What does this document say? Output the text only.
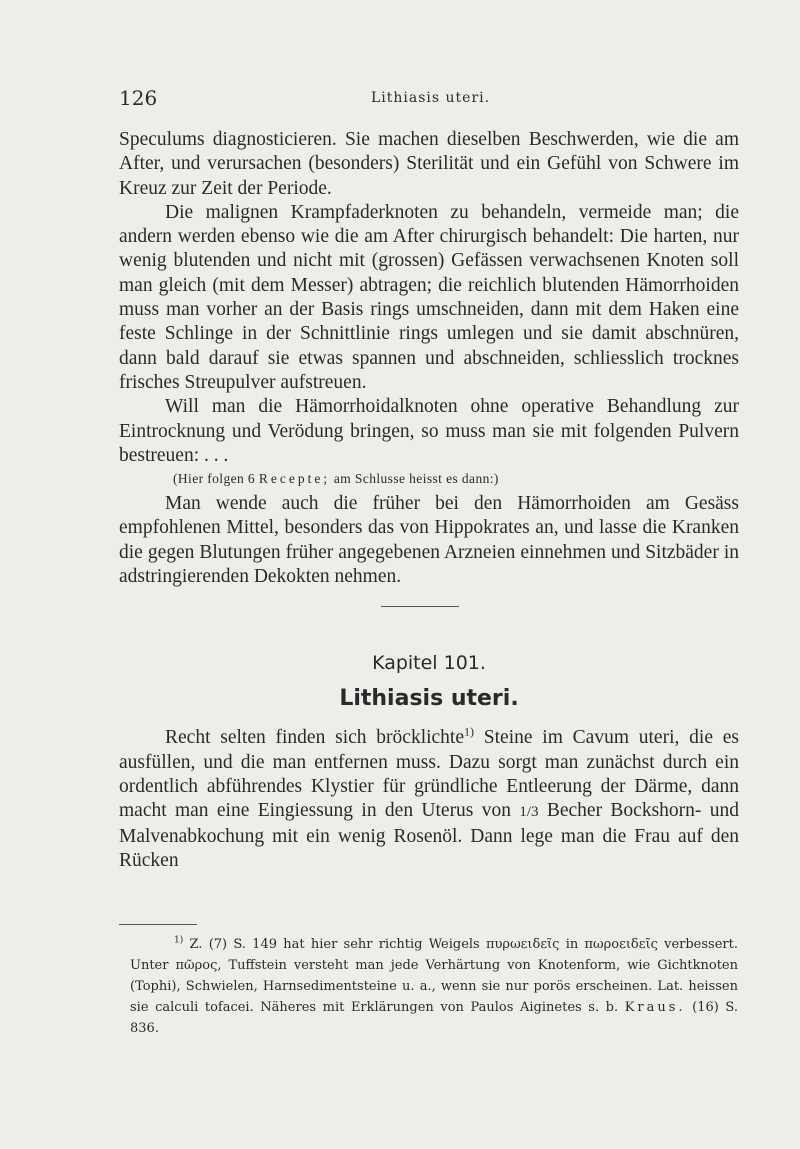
126	Lithiasis uteri.

Speculums diagnosticieren. Sie machen dieselben Beschwerden, wie die am After, und verursachen (besonders) Sterilität und ein Gefühl von Schwere im Kreuz zur Zeit der Periode.

Die malignen Krampfaderknoten zu behandeln, vermeide man; die andern werden ebenso wie die am After chirurgisch behandelt: Die harten, nur wenig blutenden und nicht mit (grossen) Gefässen verwachsenen Knoten soll man gleich (mit dem Messer) abtragen; die reichlich blutenden Hämorrhoiden muss man vorher an der Basis rings umschneiden, dann mit dem Haken eine feste Schlinge in der Schnittlinie rings umlegen und sie damit abschnüren, dann bald darauf sie etwas spannen und abschneiden, schliesslich trocknes frisches Streupulver aufstreuen.

Will man die Hämorrhoidalknoten ohne operative Behandlung zur Eintrocknung und Verödung bringen, so muss man sie mit folgenden Pulvern bestreuen: . . .

(Hier folgen 6 Recepte; am Schlusse heisst es dann:)

Man wende auch die früher bei den Hämorrhoiden am Gesäss empfohlenen Mittel, besonders das von Hippokrates an, und lasse die Kranken die gegen Blutungen früher angegebenen Arzneien einnehmen und Sitzbäder in adstringierenden Dekokten nehmen.

Kapitel 101.
Lithiasis uteri.

Recht selten finden sich bröcklichte$^{1)}$ Steine im Cavum uteri, die es ausfüllen, und die man entfernen muss. Dazu sorgt man zunächst durch ein ordentlich abführendes Klystier für gründliche Entleerung der Därme, dann macht man eine Eingiessung in den Uterus von 1/3 Becher Bockshorn- und Malvenabkochung mit ein wenig Rosenöl. Dann lege man die Frau auf den Rücken

$^{1)}$ Z. (7) S. 149 hat hier sehr richtig Weigels πυρωειδεῖς in πωροειδεῖς verbessert. Unter πῶρος, Tuffstein versteht man jede Verhärtung von Knotenform, wie Gichtknoten (Tophi), Schwielen, Harnsedimentsteine u. a., wenn sie nur porös erscheinen. Lat. heissen sie calculi tofacei. Näheres mit Erklärungen von Paulos Aiginetes s. b. Kraus. (16) S. 836.
